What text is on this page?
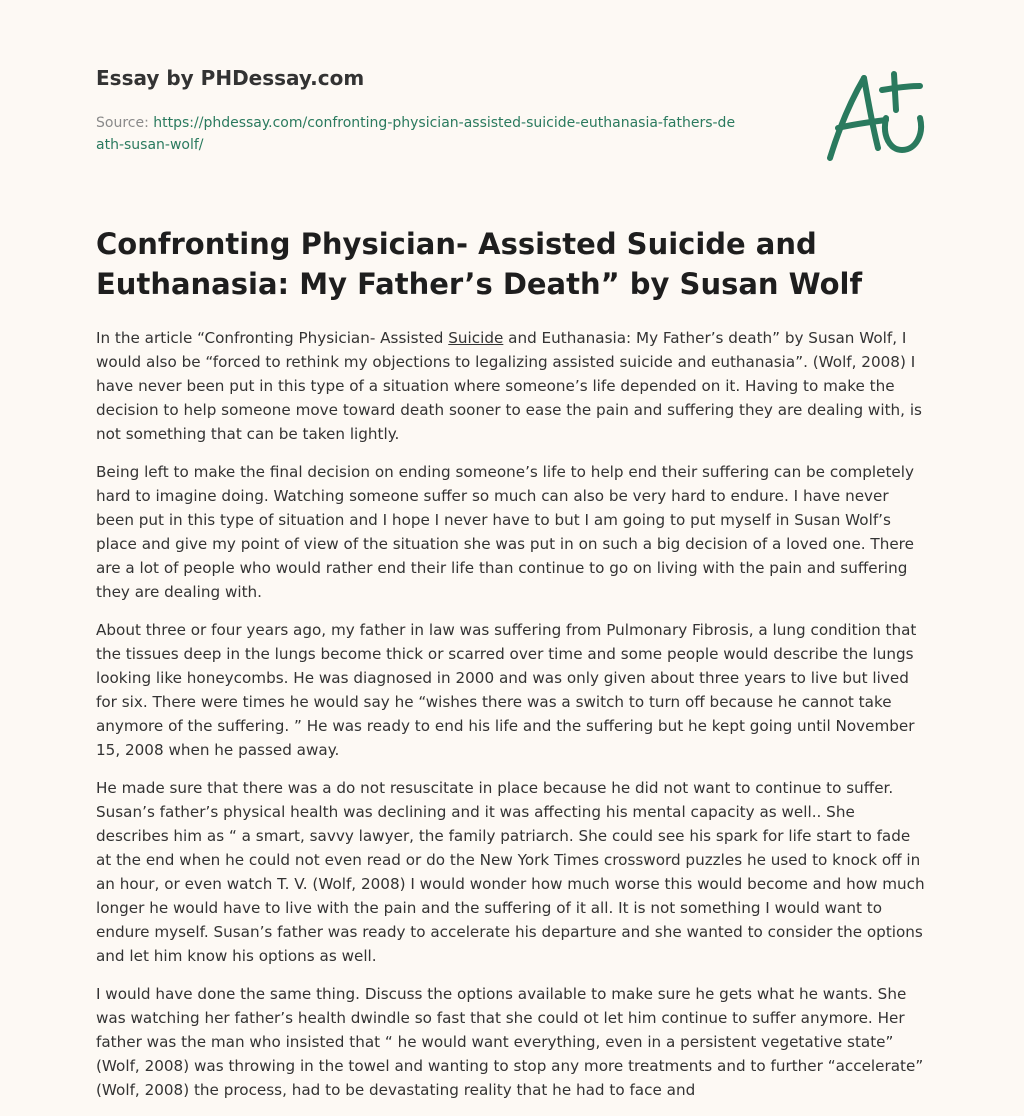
Essay by PHDessay.com
Source: https://phdessay.com/confronting-physician-assisted-suicide-euthanasia-fathers-death-susan-wolf/
Confronting Physician- Assisted Suicide and Euthanasia: My Father’s Death” by Susan Wolf

In the article “Confronting Physician- Assisted Suicide and Euthanasia: My Father’s death” by Susan Wolf, I would also be “forced to rethink my objections to legalizing assisted suicide and euthanasia”. (Wolf, 2008) I have never been put in this type of a situation where someone’s life depended on it. Having to make the decision to help someone move toward death sooner to ease the pain and suffering they are dealing with, is not something that can be taken lightly.

Being left to make the final decision on ending someone’s life to help end their suffering can be completely hard to imagine doing. Watching someone suffer so much can also be very hard to endure. I have never been put in this type of situation and I hope I never have to but I am going to put myself in Susan Wolf’s place and give my point of view of the situation she was put in on such a big decision of a loved one. There are a lot of people who would rather end their life than continue to go on living with the pain and suffering they are dealing with.

About three or four years ago, my father in law was suffering from Pulmonary Fibrosis, a lung condition that the tissues deep in the lungs become thick or scarred over time and some people would describe the lungs looking like honeycombs. He was diagnosed in 2000 and was only given about three years to live but lived for six. There were times he would say he “wishes there was a switch to turn off because he cannot take anymore of the suffering. ” He was ready to end his life and the suffering but he kept going until November 15, 2008 when he passed away.

He made sure that there was a do not resuscitate in place because he did not want to continue to suffer. Susan’s father’s physical health was declining and it was affecting his mental capacity as well.. She describes him as “ a smart, savvy lawyer, the family patriarch. She could see his spark for life start to fade at the end when he could not even read or do the New York Times crossword puzzles he used to knock off in an hour, or even watch T. V. (Wolf, 2008) I would wonder how much worse this would become and how much longer he would have to live with the pain and the suffering of it all. It is not something I would want to endure myself. Susan’s father was ready to accelerate his departure and she wanted to consider the options and let him know his options as well.

I would have done the same thing. Discuss the options available to make sure he gets what he wants. She was watching her father’s health dwindle so fast that she could ot let him continue to suffer anymore. Her father was the man who insisted that “ he would want everything, even in a persistent vegetative state” (Wolf, 2008) was throwing in the towel and wanting to stop any more treatments and to further “accelerate” (Wolf, 2008) the process, had to be devastating reality that he had to face and
